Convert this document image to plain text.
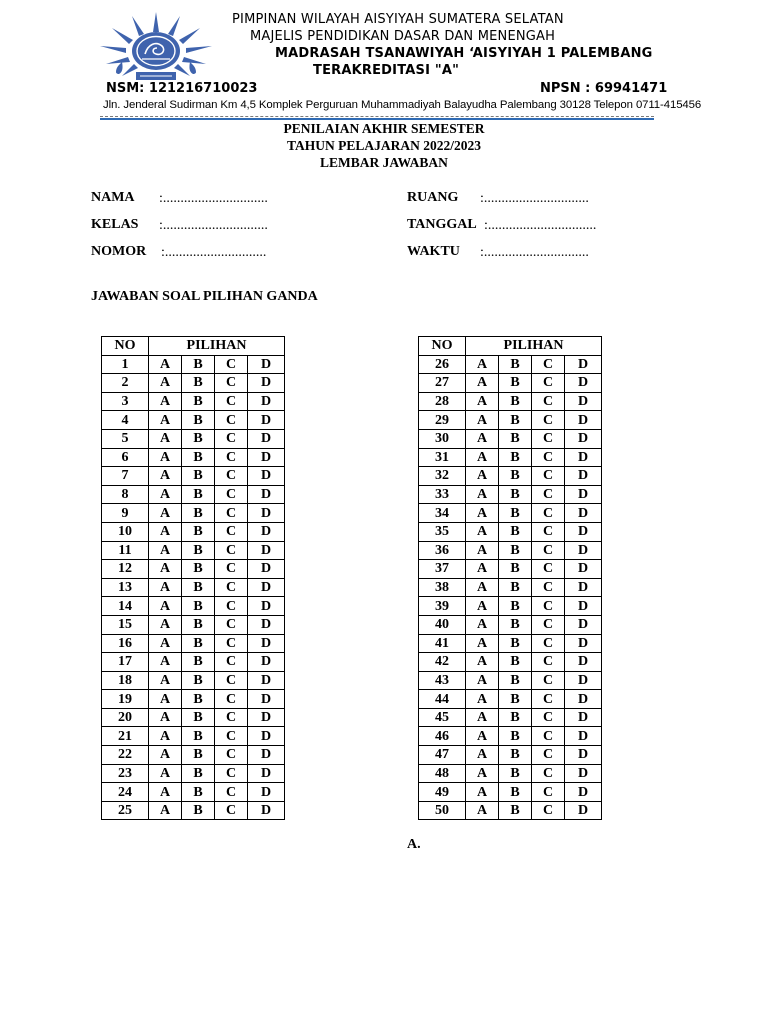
PIMPINAN WILAYAH AISYIYAH SUMATERA SELATAN
MAJELIS PENDIDIKAN DASAR DAN MENENGAH
MADRASAH TSANAWIYAH ‘AISYIYAH 1 PALEMBANG
TERAKREDITASI "A"
NSM: 121216710023	NPSN : 69941471
Jln. Jenderal Sudirman Km 4,5 Komplek Perguruan Muhammadiyah Balayudha Palembang 30128 Telepon 0711-415456
PENILAIAN AKHIR SEMESTER
TAHUN PELAJARAN 2022/2023
LEMBAR JAWABAN
NAMA :..............................
KELAS :..............................
NOMOR :.............................
RUANG :..............................
TANGGAL :...............................
WAKTU :..............................
JAWABAN SOAL PILIHAN GANDA
NO	PILIHAN			
1	A	B	C	D
2	A	B	C	D
3	A	B	C	D
4	A	B	C	D
5	A	B	C	D
6	A	B	C	D
7	A	B	C	D
8	A	B	C	D
9	A	B	C	D
10	A	B	C	D
11	A	B	C	D
12	A	B	C	D
13	A	B	C	D
14	A	B	C	D
15	A	B	C	D
16	A	B	C	D
17	A	B	C	D
18	A	B	C	D
19	A	B	C	D
20	A	B	C	D
21	A	B	C	D
22	A	B	C	D
23	A	B	C	D
24	A	B	C	D
25	A	B	C	D
NO	PILIHAN			
26	A	B	C	D
27	A	B	C	D
28	A	B	C	D
29	A	B	C	D
30	A	B	C	D
31	A	B	C	D
32	A	B	C	D
33	A	B	C	D
34	A	B	C	D
35	A	B	C	D
36	A	B	C	D
37	A	B	C	D
38	A	B	C	D
39	A	B	C	D
40	A	B	C	D
41	A	B	C	D
42	A	B	C	D
43	A	B	C	D
44	A	B	C	D
45	A	B	C	D
46	A	B	C	D
47	A	B	C	D
48	A	B	C	D
49	A	B	C	D
50	A	B	C	D
A.
